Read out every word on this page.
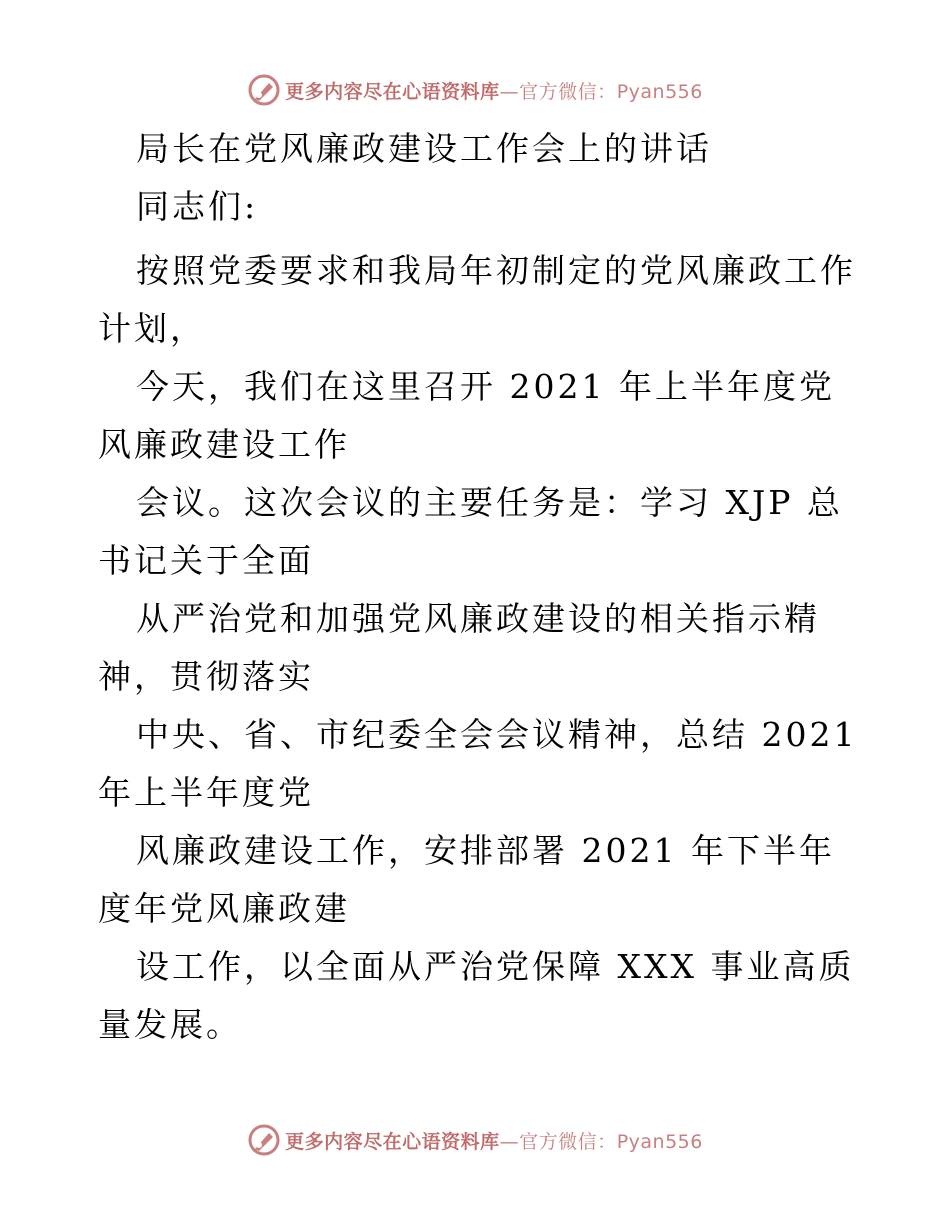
更多内容尽在心语资料库—官方微信：Pyan556

局长在党风廉政建设工作会上的讲话

同志们:

按照党委要求和我局年初制定的党风廉政工作计划，

今天，我们在这里召开 2021 年上半年度党风廉政建设工作

会议。这次会议的主要任务是：学习 XJP 总书记关于全面

从严治党和加强党风廉政建设的相关指示精神，贯彻落实

中央、省、市纪委全会会议精神，总结 2021 年上半年度党

风廉政建设工作，安排部署 2021 年下半年度年党风廉政建

设工作，以全面从严治党保障 XXX 事业高质量发展。

更多内容尽在心语资料库—官方微信：Pyan556
